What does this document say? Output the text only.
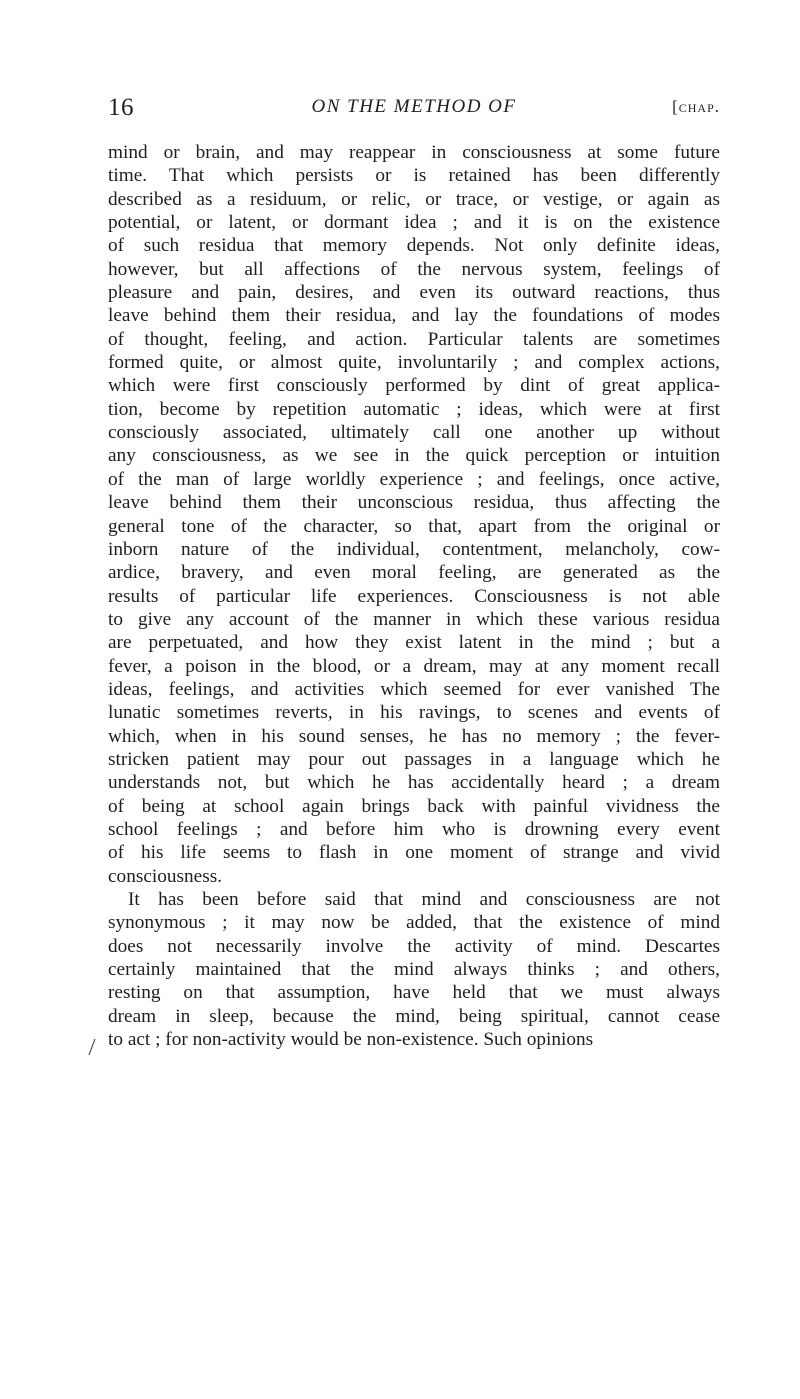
16	ON THE METHOD OF	[chap.
mind or brain, and may reappear in consciousness at some future
time. That which persists or is retained has been differently
described as a residuum, or relic, or trace, or vestige, or again as
potential, or latent, or dormant idea ; and it is on the existence
of such residua that memory depends. Not only definite ideas,
however, but all affections of the nervous system, feelings of
pleasure and pain, desires, and even its outward reactions, thus
leave behind them their residua, and lay the foundations of modes
of thought, feeling, and action. Particular talents are sometimes
formed quite, or almost quite, involuntarily ; and complex actions,
which were first consciously performed by dint of great applica-
tion, become by repetition automatic ; ideas, which were at first
consciously associated, ultimately call one another up without
any consciousness, as we see in the quick perception or intuition
of the man of large worldly experience ; and feelings, once active,
leave behind them their unconscious residua, thus affecting the
general tone of the character, so that, apart from the original or
inborn nature of the individual, contentment, melancholy, cow-
ardice, bravery, and even moral feeling, are generated as the
results of particular life experiences. Consciousness is not able
to give any account of the manner in which these various residua
are perpetuated, and how they exist latent in the mind ; but a
fever, a poison in the blood, or a dream, may at any moment recall
ideas, feelings, and activities which seemed for ever vanished The
lunatic sometimes reverts, in his ravings, to scenes and events of
which, when in his sound senses, he has no memory ; the fever-
stricken patient may pour out passages in a language which he
understands not, but which he has accidentally heard ; a dream
of being at school again brings back with painful vividness the
school feelings ; and before him who is drowning every event
of his life seems to flash in one moment of strange and vivid
consciousness.
It has been before said that mind and consciousness are not
synonymous ; it may now be added, that the existence of mind
does not necessarily involve the activity of mind. Descartes
certainly maintained that the mind always thinks ; and others,
resting on that assumption, have held that we must always
dream in sleep, because the mind, being spiritual, cannot cease
to act ; for non-activity would be non-existence. Such opinions
